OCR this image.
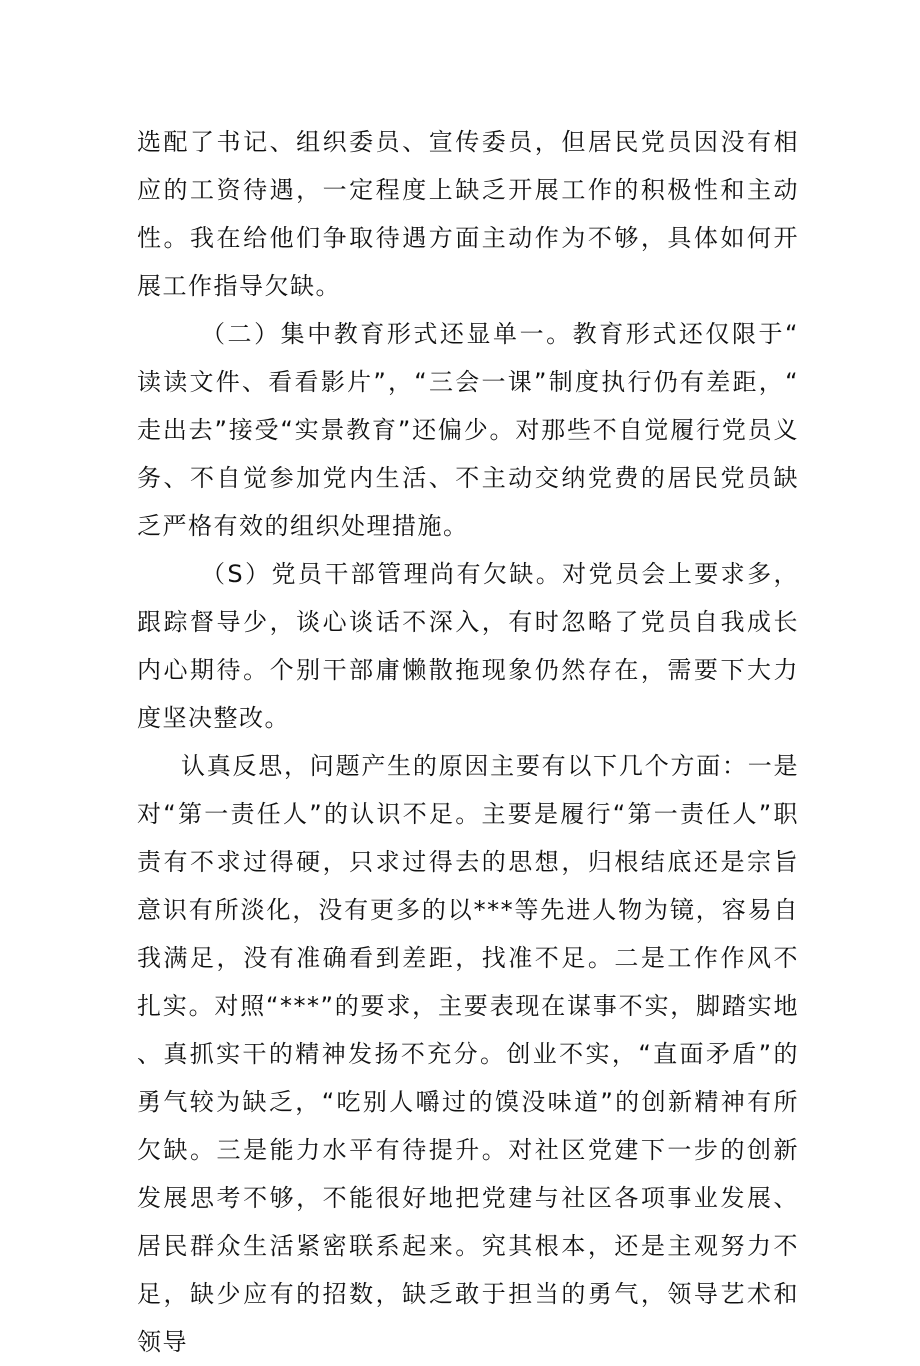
选配了书记、组织委员、宣传委员，但居民党员因没有相应的工资待遇，一定程度上缺乏开展工作的积极性和主动性。我在给他们争取待遇方面主动作为不够，具体如何开展工作指导欠缺。

（二）集中教育形式还显单一。教育形式还仅限于“读读文件、看看影片”，“三会一课”制度执行仍有差距，“走出去”接受“实景教育”还偏少。对那些不自觉履行党员义务、不自觉参加党内生活、不主动交纳党费的居民党员缺乏严格有效的组织处理措施。

（S）党员干部管理尚有欠缺。对党员会上要求多，跟踪督导少，谈心谈话不深入，有时忽略了党员自我成长内心期待。个别干部庸懒散拖现象仍然存在，需要下大力度坚决整改。

认真反思，问题产生的原因主要有以下几个方面：一是对“第一责任人”的认识不足。主要是履行“第一责任人”职责有不求过得硬，只求过得去的思想，归根结底还是宗旨意识有所淡化，没有更多的以***等先进人物为镜，容易自我满足，没有准确看到差距，找准不足。二是工作作风不扎实。对照“***”的要求，主要表现在谋事不实，脚踏实地、真抓实干的精神发扬不充分。创业不实，“直面矛盾”的勇气较为缺乏，“吃别人嚼过的馍没味道”的创新精神有所欠缺。三是能力水平有待提升。对社区党建下一步的创新发展思考不够，不能很好地把党建与社区各项事业发展、居民群众生活紧密联系起来。究其根本，还是主观努力不足，缺少应有的招数，缺乏敢于担当的勇气，领导艺术和领导
